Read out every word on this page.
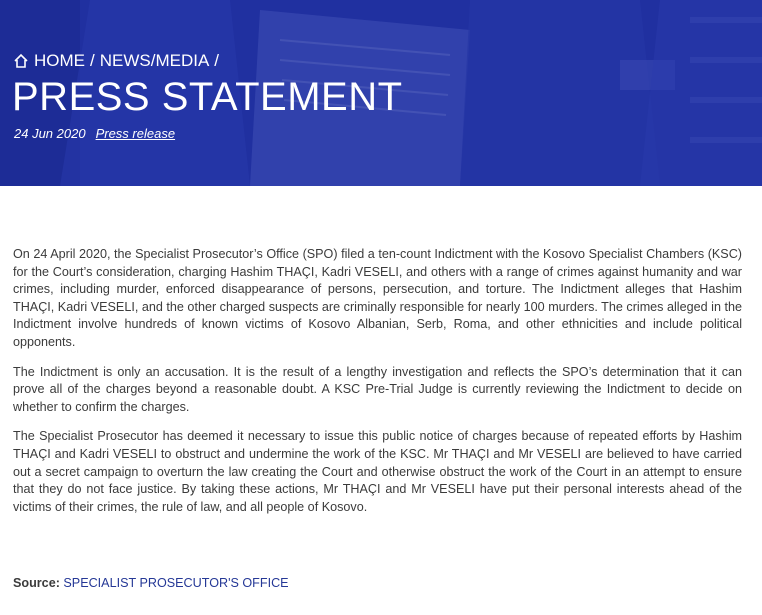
HOME / NEWS/MEDIA /
PRESS STATEMENT
24 Jun 2020 Press release

On 24 April 2020, the Specialist Prosecutor’s Office (SPO) filed a ten-count Indictment with the Kosovo Specialist Chambers (KSC) for the Court’s consideration, charging Hashim THAÇI, Kadri VESELI, and others with a range of crimes against humanity and war crimes, including murder, enforced disappearance of persons, persecution, and torture. The Indictment alleges that Hashim THAÇI, Kadri VESELI, and the other charged suspects are criminally responsible for nearly 100 murders. The crimes alleged in the Indictment involve hundreds of known victims of Kosovo Albanian, Serb, Roma, and other ethnicities and include political opponents.

The Indictment is only an accusation. It is the result of a lengthy investigation and reflects the SPO’s determination that it can prove all of the charges beyond a reasonable doubt. A KSC Pre-Trial Judge is currently reviewing the Indictment to decide on whether to confirm the charges.

The Specialist Prosecutor has deemed it necessary to issue this public notice of charges because of repeated efforts by Hashim THAÇI and Kadri VESELI to obstruct and undermine the work of the KSC. Mr THAÇI and Mr VESELI are believed to have carried out a secret campaign to overturn the law creating the Court and otherwise obstruct the work of the Court in an attempt to ensure that they do not face justice. By taking these actions, Mr THAÇI and Mr VESELI have put their personal interests ahead of the victims of their crimes, the rule of law, and all people of Kosovo.

Source: SPECIALIST PROSECUTOR'S OFFICE
